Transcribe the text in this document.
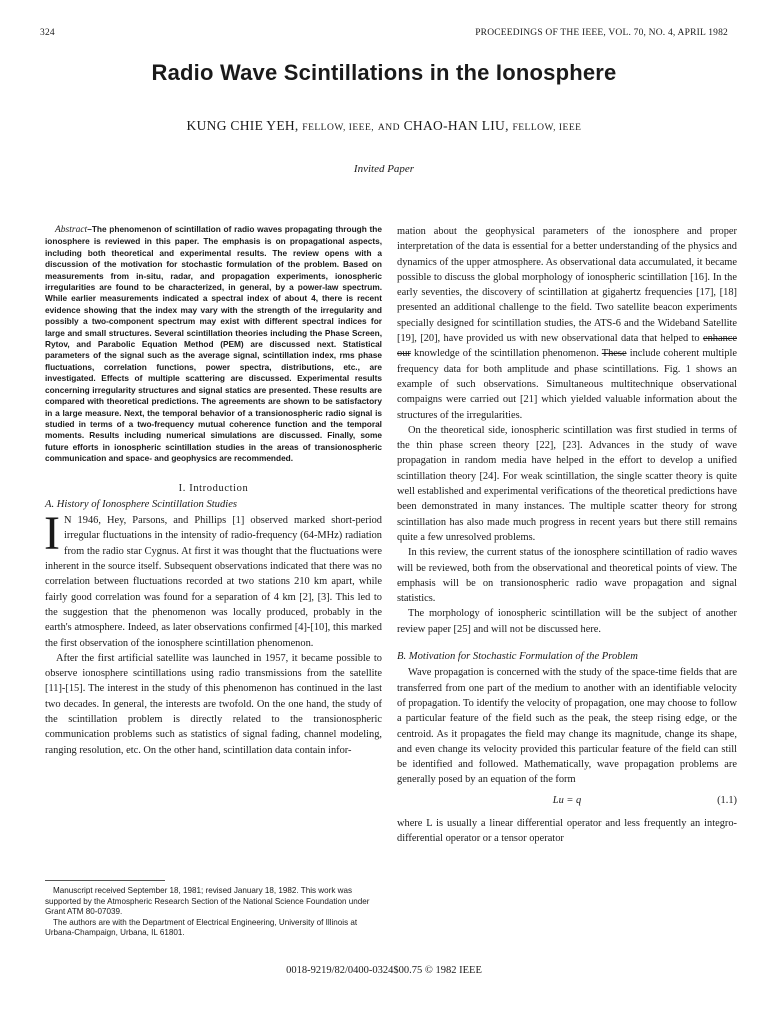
324	PROCEEDINGS OF THE IEEE, VOL. 70, NO. 4, APRIL 1982
Radio Wave Scintillations in the Ionosphere
KUNG CHIE YEH, FELLOW, IEEE, AND CHAO-HAN LIU, FELLOW, IEEE
Invited Paper

Abstract–The phenomenon of scintillation of radio waves propagating through the ionosphere is reviewed in this paper. The emphasis is on propagational aspects, including both theoretical and experimental results. The review opens with a discussion of the motivation for stochastic formulation of the problem. Based on measurements from in-situ, radar, and propagation experiments, ionospheric irregularities are found to be characterized, in general, by a power-law spectrum. While earlier measurements indicated a spectral index of about 4, there is recent evidence showing that the index may vary with the strength of the irregularity and possibly a two-component spectrum may exist with different spectral indices for large and small structures. Several scintillation theories including the Phase Screen, Rytov, and Parabolic Equation Method (PEM) are discussed next. Statistical parameters of the signal such as the average signal, scintillation index, rms phase fluctuations, correlation functions, power spectra, distributions, etc., are investigated. Effects of multiple scattering are discussed. Experimental results concerning irregularity structures and signal statics are presented. These results are compared with theoretical predictions. The agreements are shown to be satisfactory in a large measure. Next, the temporal behavior of a transionospheric radio signal is studied in terms of a two-frequency mutual coherence function and the temporal moments. Results including numerical simulations are discussed. Finally, some future efforts in ionospheric scintillation studies in the areas of transionospheric communication and space- and geophysics are recommended.

I. Introduction
A. History of Ionosphere Scintillation Studies

I N 1946, Hey, Parsons, and Phillips [1] observed marked short-period irregular fluctuations in the intensity of radio-frequency (64-MHz) radiation from the radio star Cygnus. At first it was thought that the fluctuations were inherent in the source itself. Subsequent observations indicated that there was no correlation between fluctuations recorded at two stations 210 km apart, while fairly good correlation was found for a separation of 4 km [2], [3]. This led to the suggestion that the phenomenon was locally produced, probably in the earth's atmosphere. Indeed, as later observations confirmed [4]-[10], this marked the first observation of the ionosphere scintillation phenomenon.

After the first artificial satellite was launched in 1957, it became possible to observe ionosphere scintillations using radio transmissions from the satellite [11]-[15]. The interest in the study of this phenomenon has continued in the last two decades. In general, the interests are twofold. On the one hand, the study of the scintillation problem is directly related to the transionospheric communication problems such as statistics of signal fading, channel modeling, ranging resolution, etc. On the other hand, scintillation data contain infor-

Manuscript received September 18, 1981; revised January 18, 1982. This work was supported by the Atmospheric Research Section of the National Science Foundation under Grant ATM 80-07039.

The authors are with the Department of Electrical Engineering, University of Illinois at Urbana-Champaign, Urbana, IL 61801.

mation about the geophysical parameters of the ionosphere and proper interpretation of the data is essential for a better understanding of the physics and dynamics of the upper atmosphere. As observational data accumulated, it became possible to discuss the global morphology of ionospheric scintillation [16]. In the early seventies, the discovery of scintillation at gigahertz frequencies [17], [18] presented an additional challenge to the field. Two satellite beacon experiments specially designed for scintillation studies, the ATS-6 and the Wideband Satellite [19], [20], have provided us with new observational data that helped to enhance our knowledge of the scintillation phenomenon. These include coherent multiple frequency data for both amplitude and phase scintillations. Fig. 1 shows an example of such observations. Simultaneous multitechnique observational compaigns were carried out [21] which yielded valuable information about the structures of the irregularities.

On the theoretical side, ionospheric scintillation was first studied in terms of the thin phase screen theory [22], [23]. Advances in the study of wave propagation in random media have helped in the effort to develop a unified scintillation theory [24]. For weak scintillation, the single scatter theory is quite well established and experimental verifications of the theoretical predictions have been demonstrated in many instances. The multiple scatter theory for strong scintillation has also made much progress in recent years but there still remains quite a few unresolved problems.

In this review, the current status of the ionosphere scintillation of radio waves will be reviewed, both from the observational and theoretical points of view. The emphasis will be on transionospheric radio wave propagation and signal statistics.

The morphology of ionospheric scintillation will be the subject of another review paper [25] and will not be discussed here.

B. Motivation for Stochastic Formulation of the Problem

Wave propagation is concerned with the study of the space-time fields that are transferred from one part of the medium to another with an identifiable velocity of propagation. To identify the velocity of propagation, one may choose to follow a particular feature of the field such as the peak, the steep rising edge, or the centroid. As it propagates the field may change its magnitude, change its shape, and even change its velocity provided this particular feature of the field can still be identified and followed. Mathematically, wave propagation problems are generally posed by an equation of the form

Lu = q	(1.1)

where L is usually a linear differential operator and less frequently an integro-differential operator or a tensor operator

0018-9219/82/0400-0324$00.75 © 1982 IEEE
